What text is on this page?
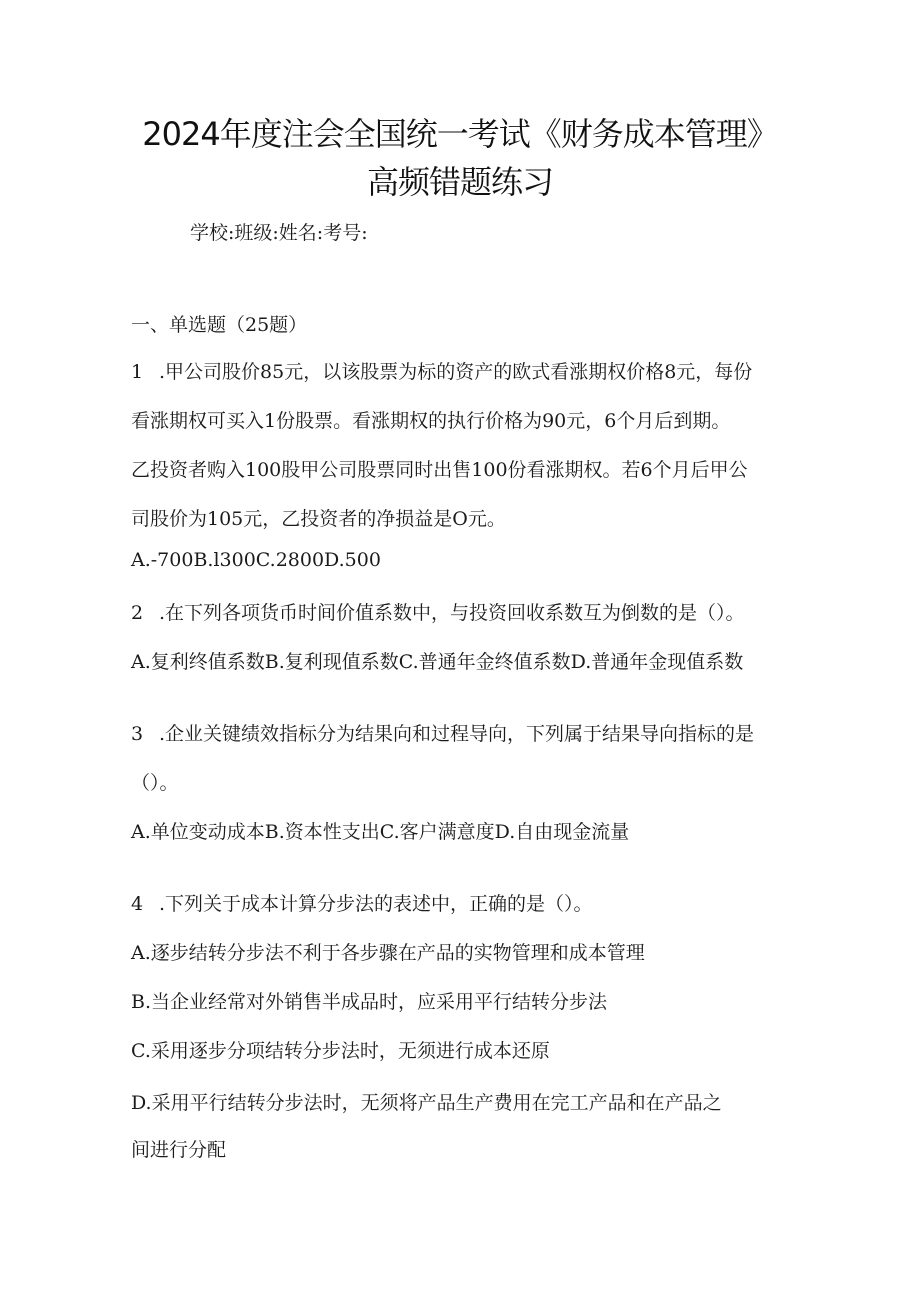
2024年度注会全国统一考试《财务成本管理》
高频错题练习
学校:班级:姓名:考号:
一、单选题（25题）
1 .甲公司股价85元，以该股票为标的资产的欧式看涨期权价格8元，每份
看涨期权可买入1份股票。看涨期权的执行价格为90元，6个月后到期。
乙投资者购入100股甲公司股票同时出售100份看涨期权。若6个月后甲公
司股价为105元，乙投资者的净损益是O元。
A.-700B.l300C.2800D.500
2 .在下列各项货币时间价值系数中，与投资回收系数互为倒数的是（）。
A.复利终值系数B.复利现值系数C.普通年金终值系数D.普通年金现值系数
3 .企业关键绩效指标分为结果向和过程导向，下列属于结果导向指标的是
（）。
A.单位变动成本B.资本性支出C.客户满意度D.自由现金流量
4 .下列关于成本计算分步法的表述中，正确的是（）。
A.逐步结转分步法不利于各步骤在产品的实物管理和成本管理
B.当企业经常对外销售半成品时，应采用平行结转分步法
C.采用逐步分项结转分步法时，无须进行成本还原
D.采用平行结转分步法时，无须将产品生产费用在完工产品和在产品之
间进行分配
